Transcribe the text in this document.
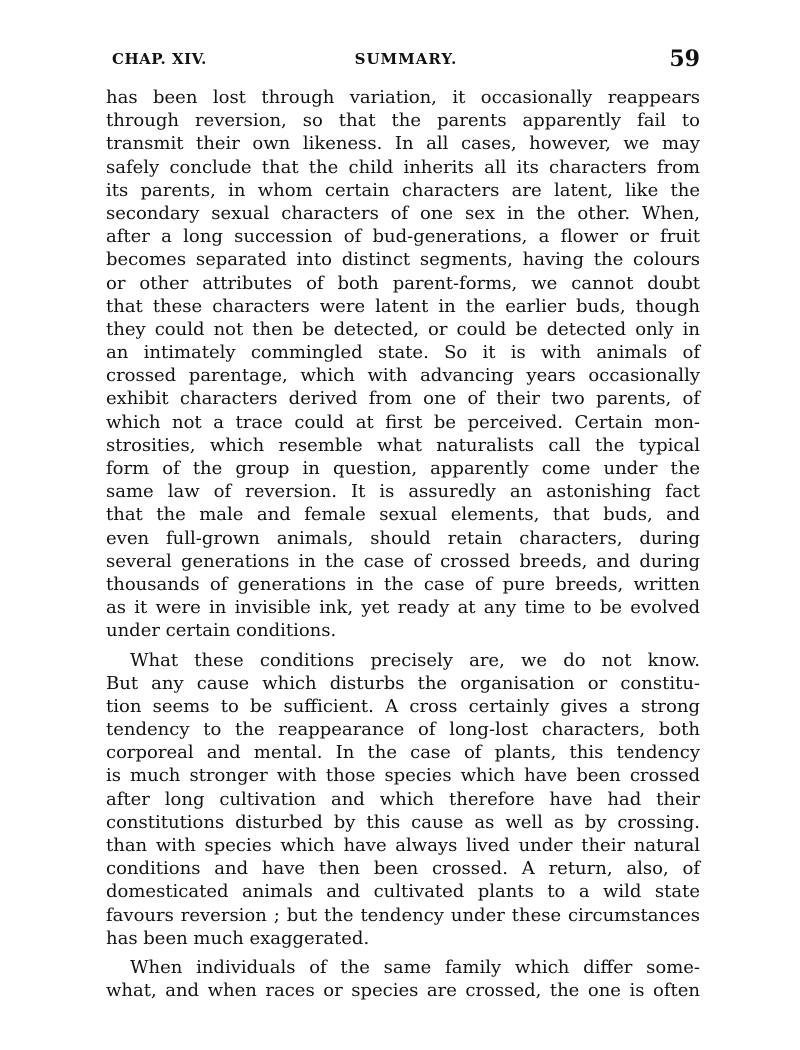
CHAP. XIV.	SUMMARY.	59
has been lost through variation, it occasionally reappears
through reversion, so that the parents apparently fail to
transmit their own likeness. In all cases, however, we may
safely conclude that the child inherits all its characters from
its parents, in whom certain characters are latent, like the
secondary sexual characters of one sex in the other. When,
after a long succession of bud-generations, a flower or fruit
becomes separated into distinct segments, having the colours
or other attributes of both parent-forms, we cannot doubt
that these characters were latent in the earlier buds, though
they could not then be detected, or could be detected only in
an intimately commingled state. So it is with animals of
crossed parentage, which with advancing years occasionally
exhibit characters derived from one of their two parents, of
which not a trace could at first be perceived. Certain mon-
strosities, which resemble what naturalists call the typical
form of the group in question, apparently come under the
same law of reversion. It is assuredly an astonishing fact
that the male and female sexual elements, that buds, and
even full-grown animals, should retain characters, during
several generations in the case of crossed breeds, and during
thousands of generations in the case of pure breeds, written
as it were in invisible ink, yet ready at any time to be evolved
under certain conditions.
What these conditions precisely are, we do not know.
But any cause which disturbs the organisation or constitu-
tion seems to be sufficient. A cross certainly gives a strong
tendency to the reappearance of long-lost characters, both
corporeal and mental. In the case of plants, this tendency
is much stronger with those species which have been crossed
after long cultivation and which therefore have had their
constitutions disturbed by this cause as well as by crossing.
than with species which have always lived under their natural
conditions and have then been crossed. A return, also, of
domesticated animals and cultivated plants to a wild state
favours reversion ; but the tendency under these circumstances
has been much exaggerated.
When individuals of the same family which differ some-
what, and when races or species are crossed, the one is often
